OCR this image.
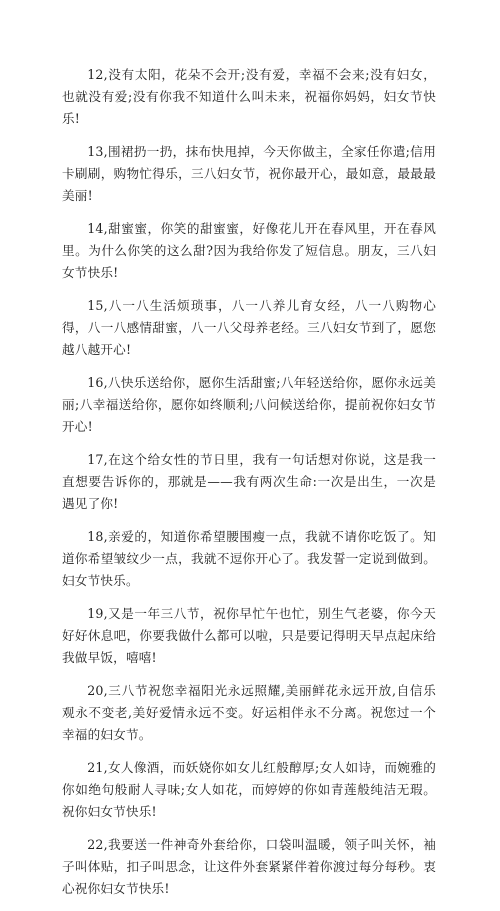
12,没有太阳，花朵不会开;没有爱，幸福不会来;没有妇女，也就没有爱;没有你我不知道什么叫未来，祝福你妈妈，妇女节快乐!

13,围裙扔一扔，抹布快甩掉，今天你做主，全家任你遣;信用卡刷刷，购物忙得乐，三八妇女节，祝你最开心，最如意，最最最美丽!

14,甜蜜蜜，你笑的甜蜜蜜，好像花儿开在春风里，开在春风里。为什么你笑的这么甜?因为我给你发了短信息。朋友，三八妇女节快乐!

15,八一八生活烦琐事，八一八养儿育女经，八一八购物心得，八一八感情甜蜜，八一八父母养老经。三八妇女节到了，愿您越八越开心!

16,八快乐送给你，愿你生活甜蜜;八年轻送给你，愿你永远美丽;八幸福送给你，愿你如终顺利;八问候送给你，提前祝你妇女节开心!

17,在这个给女性的节日里，我有一句话想对你说，这是我一直想要告诉你的，那就是——我有两次生命:一次是出生，一次是遇见了你!

18,亲爱的，知道你希望腰围瘦一点，我就不请你吃饭了。知道你希望皱纹少一点，我就不逗你开心了。我发誓一定说到做到。妇女节快乐。

19,又是一年三八节，祝你早忙午也忙，别生气老婆，你今天好好休息吧，你要我做什么都可以啦，只是要记得明天早点起床给我做早饭，嘻嘻!

20,三八节祝您幸福阳光永远照耀,美丽鲜花永远开放,自信乐观永不变老,美好爱情永远不变。好运相伴永不分离。祝您过一个幸福的妇女节。

21,女人像酒，而妖娆你如女儿红般醇厚;女人如诗，而婉雅的你如绝句般耐人寻味;女人如花，而婷婷的你如青莲般纯洁无瑕。祝你妇女节快乐!

22,我要送一件神奇外套给你，口袋叫温暖，领子叫关怀，袖子叫体贴，扣子叫思念，让这件外套紧紧伴着你渡过每分每秒。衷心祝你妇女节快乐!
